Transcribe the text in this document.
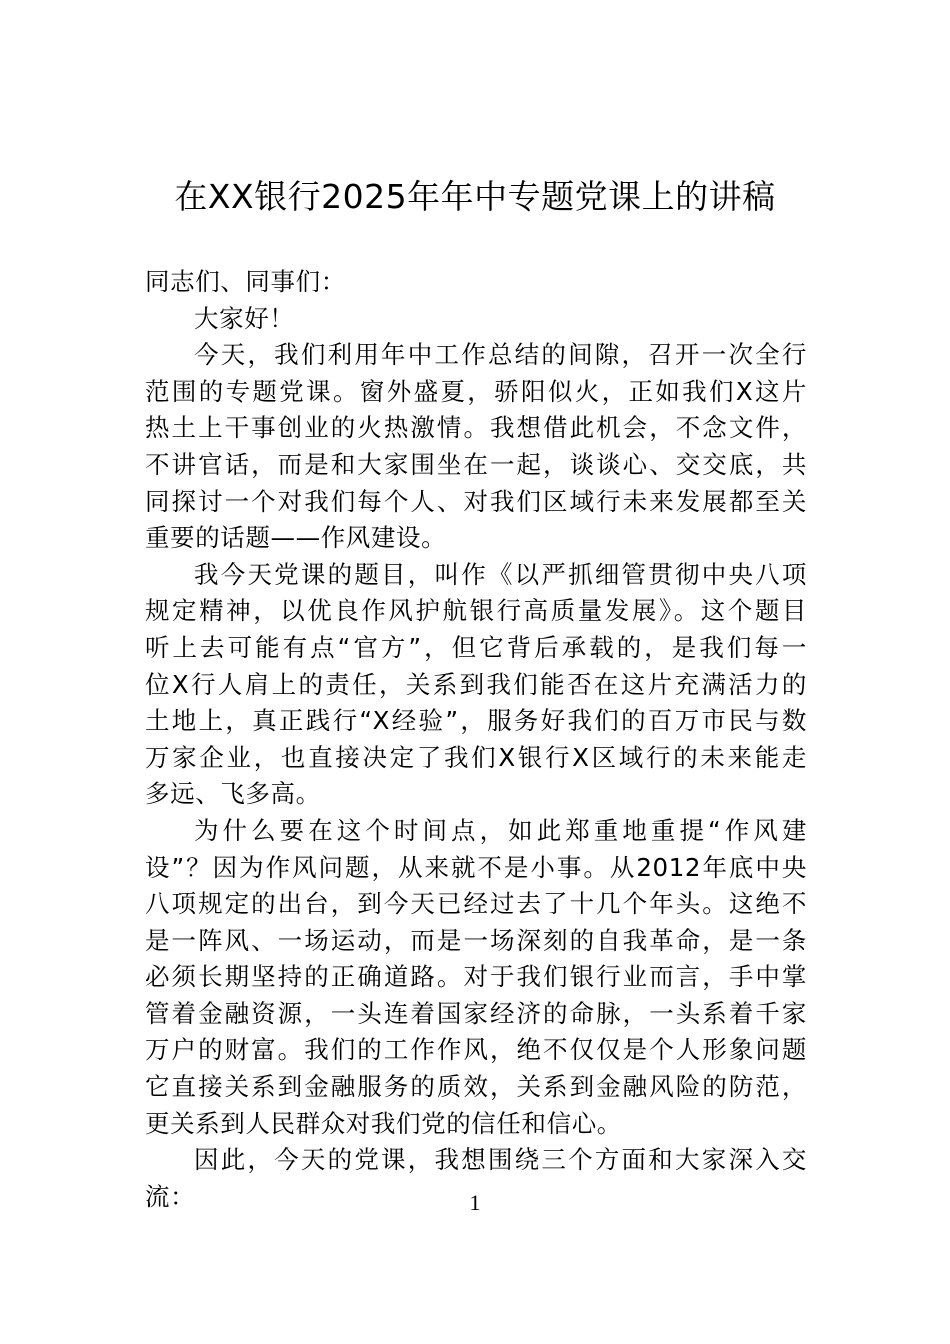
在XX银行2025年年中专题党课上的讲稿
同志们、同事们：
大家好！
今天，我们利用年中工作总结的间隙，召开一次全行
范围的专题党课。窗外盛夏，骄阳似火，正如我们X这片
热土上干事创业的火热激情。我想借此机会，不念文件，
不讲官话，而是和大家围坐在一起，谈谈心、交交底，共
同探讨一个对我们每个人、对我们区域行未来发展都至关
重要的话题——作风建设。
我今天党课的题目，叫作《以严抓细管贯彻中央八项
规定精神，以优良作风护航银行高质量发展》。这个题目
听上去可能有点“官方”，但它背后承载的，是我们每一
位X行人肩上的责任，关系到我们能否在这片充满活力的
土地上，真正践行“X经验”，服务好我们的百万市民与数
万家企业，也直接决定了我们X银行X区域行的未来能走
多远、飞多高。
为什么要在这个时间点，如此郑重地重提“作风建
设”？因为作风问题，从来就不是小事。从2012年底中央
八项规定的出台，到今天已经过去了十几个年头。这绝不
是一阵风、一场运动，而是一场深刻的自我革命，是一条
必须长期坚持的正确道路。对于我们银行业而言，手中掌
管着金融资源，一头连着国家经济的命脉，一头系着千家
万户的财富。我们的工作作风，绝不仅仅是个人形象问题
它直接关系到金融服务的质效，关系到金融风险的防范，
更关系到人民群众对我们党的信任和信心。
因此，今天的党课，我想围绕三个方面和大家深入交
流：	1
